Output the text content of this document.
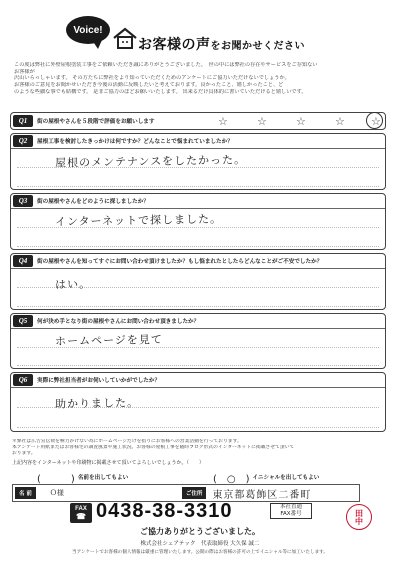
Voice!
お客様の声をお聞かせください
この度は弊社に外壁屋根塗装工事をご依頼いただき誠にありがとうございました。　世の中には弊社の存在やサービスをご存知ない
お客様が
沢山いらっしゃいます。 その方たちに弊社をより知っていただくためのアンケートにご協力いただけないでしょうか。
お客様のご意見をお聞かせいただき今後の活動に反映したいと考えております。良かったこと、嬉しかったこと、ど
のような些細な事でも結構です。 是非ご協力のほどお願いいたします。 出来るだけ具体的に書いていただけると嬉しいです。
Q1	街の屋根やさんを５段階で評価をお願いします	☆	☆	☆	☆ ☆
Q2	屋根工事を検討したきっかけは何ですか？どんなことで悩まれていましたか？
屋根のメンテナンスをしたかった。
Q3	街の屋根やさんをどのように探しましたか？
インターネットで探しました。
Q4	街の屋根やさんを知ってすぐにお問い合わせ頂けましたか？もし悩まれたとしたらどんなことがご不安でしたか？
はい。
Q5	何が決め手となり街の屋根やさんにお問い合わせ頂きましたか？
ホームページを見て
Q6	実際に弊社担当者がお伺いしていかがでしたか？
助かりました。
＊弊社は広告宣伝費を極力かけない為にホームページだけを指りにお客様への営業活動を行っております。
本アンケート用紙またはお客様宅の調査風景や施工状況、お客様の屋根工事を随時ブログ形式のインターネットに掲載させて頂いて
おります。
上記内容をインターネットや印刷物に掲載させて頂いてよろしいでしょうか。（　　）
(　　　) 名前を出してもよい	(　○　) イニシャルを出してもよい
名 前	Ｏ様	ご住所	東京都葛飾区二番町
FAX
☎ 0438-38-3310	本社直通
FAX番号
ご協力ありがとうございました。
株式会社シェアテック　代表取締役 大久保 誠二
当アンケートでお客様の個人情報は厳重に管理いたします。公開の際はお客様の許可の上でイニシャル等に加工いたします。
田
中
